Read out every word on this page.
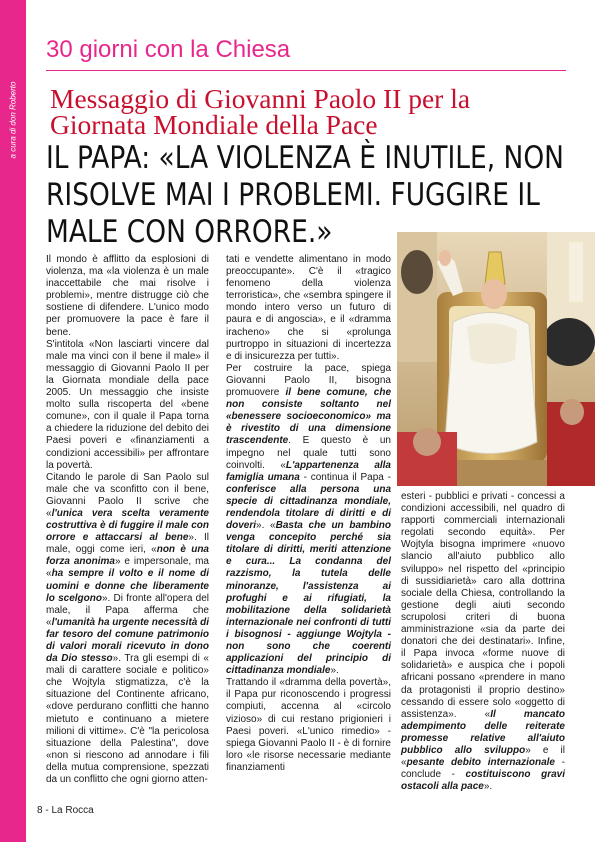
a cura di don Roberto
30 giorni con la Chiesa
Messaggio di Giovanni Paolo II per la Giornata Mondiale della Pace
IL PAPA: «LA VIOLENZA È INUTILE, NON
RISOLVE MAI I PROBLEMI. FUGGIRE IL
MALE CON ORRORE.»

Il mondo è afflitto da esplosioni di violenza, ma «la violenza è un male inaccettabile che mai risolve i problemi», mentre distrugge ciò che sostiene di difendere. L'unico modo per promuovere la pace è fare il bene.

S'intitola «Non lasciarti vincere dal male ma vinci con il bene il male» il messaggio di Giovanni Paolo II per la Giornata mondiale della pace 2005. Un messaggio che insiste molto sulla riscoperta del «bene comune», con il quale il Papa torna a chiedere la riduzione del debito dei Paesi poveri e «finanziamenti a condizioni accessibili» per affrontare la povertà.

Citando le parole di San Paolo sul male che va sconfitto con il bene, Giovanni Paolo II scrive che «l'unica vera scelta veramente costruttiva è di fuggire il male con orrore e attaccarsi al bene». Il male, oggi come ieri, «non è una forza anonima» e impersonale, ma «ha sempre il volto e il nome di uomini e donne che liberamente lo scelgono». Di fronte all'opera del male, il Papa afferma che «l'umanità ha urgente necessità di far tesoro del comune patrimonio di valori morali ricevuto in dono da Dio stesso». Tra gli esempi di « mali di carattere sociale e politico» che Wojtyla stigmatizza, c'è la situazione del Continente africano, «dove perdurano conflitti che hanno mietuto e continuano a mietere milioni di vittime». C'è "la pericolosa situazione della Palestina", dove «non si riescono ad annodare i fili della mutua comprensione, spezzati da un conflitto che ogni giorno atten-

tati e vendette alimentano in modo preoccupante». C'è il «tragico fenomeno della violenza terroristica», che «sembra spingere il mondo intero verso un futuro di paura e di angoscia», e il «dramma iracheno» che si «prolunga purtroppo in situazioni di incertezza e di insicurezza per tutti».

Per costruire la pace, spiega Giovanni Paolo II, bisogna promuovere il bene comune, che non consiste soltanto nel «benessere socioeconomico» ma è rivestito di una dimensione trascendente. E questo è un impegno nel quale tutti sono coinvolti. «L'appartenenza alla famiglia umana - continua il Papa - conferisce alla persona una specie di cittadinanza mondiale, rendendola titolare di diritti e di doveri». «Basta che un bambino venga concepito perché sia titolare di diritti, meriti attenzione e cura... La condanna del razzismo, la tutela delle minoranze, l'assistenza ai profughi e ai rifugiati, la mobilitazione della solidarietà internazionale nei confronti di tutti i bisognosi - aggiunge Wojtyla - non sono che coerenti applicazioni del principio di cittadinanza mondiale».

Trattando il «dramma della povertà», il Papa pur riconoscendo i progressi compiuti, accenna al «circolo vizioso» di cui restano prigionieri i Paesi poveri. «L'unico rimedio» - spiega Giovanni Paolo II - è di fornire loro «le risorse necessarie mediante finanziamenti

esteri - pubblici e privati - concessi a condizioni accessibili, nel quadro di rapporti commerciali internazionali regolati secondo equità». Per Wojtyla bisogna imprimere «nuovo slancio all'aiuto pubblico allo sviluppo» nel rispetto del «principio di sussidiarietà» caro alla dottrina sociale della Chiesa, controllando la gestione degli aiuti secondo scrupolosi criteri di buona amministrazione «sia da parte dei donatori che dei destinatari». Infine, il Papa invoca «forme nuove di solidarietà» e auspica che i popoli africani possano «prendere in mano da protagonisti il proprio destino» cessando di essere solo «oggetto di assistenza». «Il mancato adempimento delle reiterate promesse relative all'aiuto pubblico allo sviluppo» e il «pesante debito internazionale - conclude - costituiscono gravi ostacoli alla pace».

8 - La Rocca
